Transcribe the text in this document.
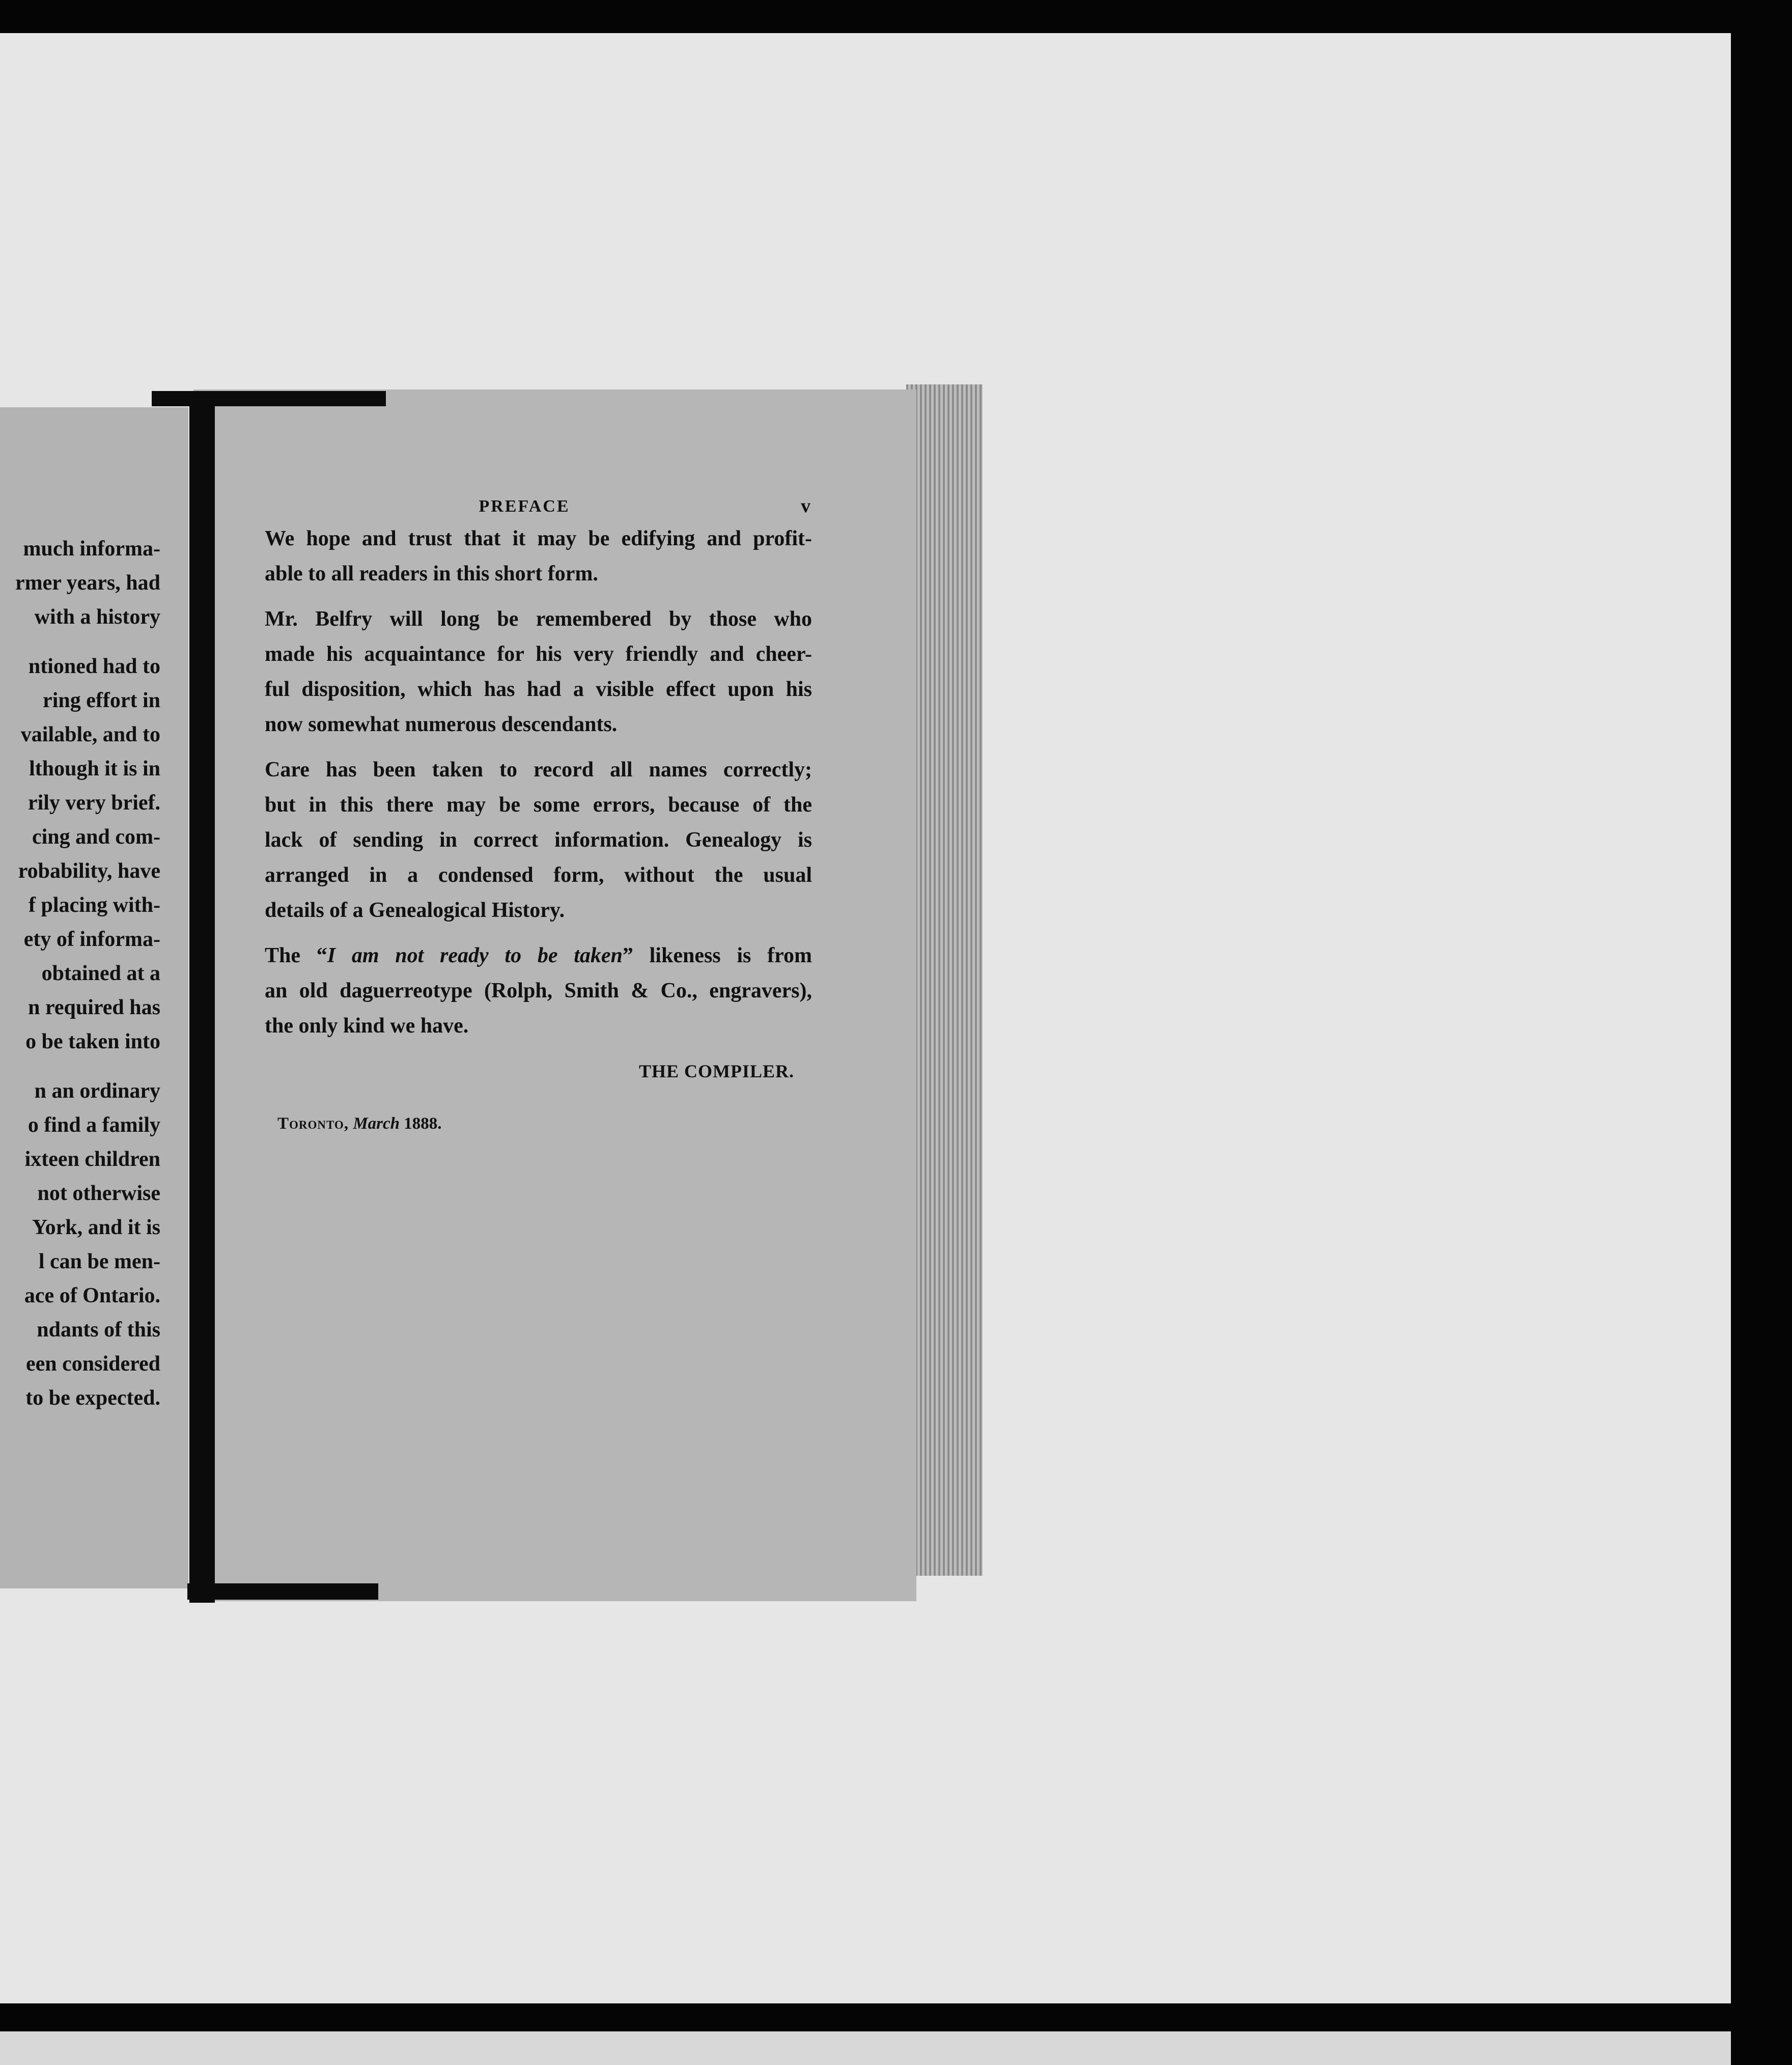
much informa-
rmer years, had
with a history
ntioned had to
ring effort in
vailable, and to
lthough it is in
rily very brief.
cing and com-
robability, have
f placing with-
ety of informa-
obtained at a
n required has
o be taken into
n an ordinary
o find a family
ixteen children
not otherwise
York, and it is
l can be men-
ace of Ontario.
ndants of this
een considered
to be expected.
PREFACE	v

We hope and trust that it may be edifying and profit-
able to all readers in this short form.

Mr. Belfry will long be remembered by those who
made his acquaintance for his very friendly and cheer-
ful disposition, which has had a visible effect upon his
now somewhat numerous descendants.

Care has been taken to record all names correctly;
but in this there may be some errors, because of the
lack of sending in correct information. Genealogy is
arranged in a condensed form, without the usual
details of a Genealogical History.

The “I am not ready to be taken” likeness is from
an old daguerreotype (Rolph, Smith & Co., engravers),
the only kind we have.

THE COMPILER.
Toronto, March 1888.
